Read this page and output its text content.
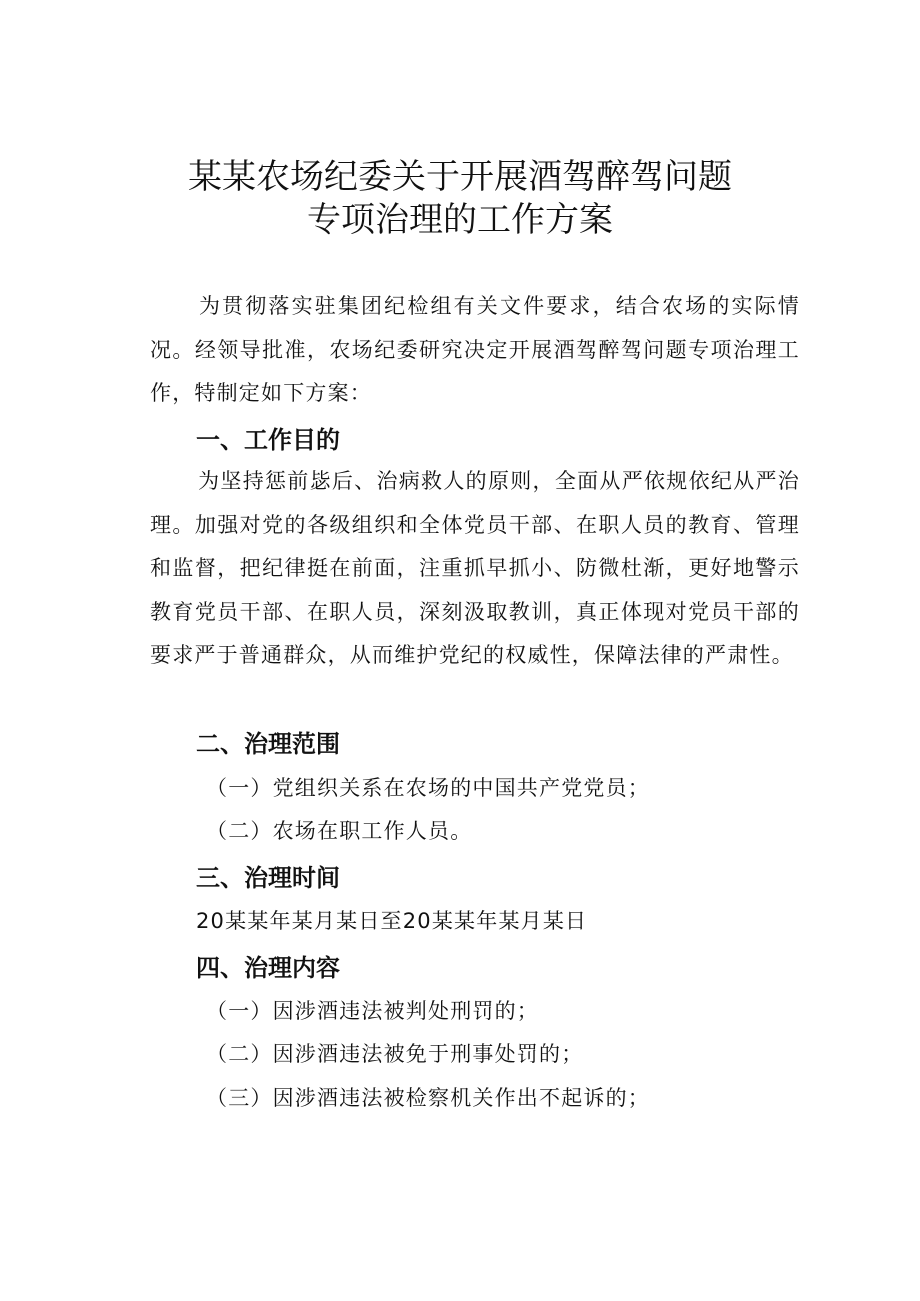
某某农场纪委关于开展酒驾醉驾问题
专项治理的工作方案
为贯彻落实驻集团纪检组有关文件要求，结合农场的实际情况。经领导批准，农场纪委研究决定开展酒驾醉驾问题专项治理工作，特制定如下方案：
一、工作目的
为坚持惩前毖后、治病救人的原则，全面从严依规依纪从严治理。加强对党的各级组织和全体党员干部、在职人员的教育、管理和监督，把纪律挺在前面，注重抓早抓小、防微杜渐，更好地警示教育党员干部、在职人员，深刻汲取教训，真正体现对党员干部的要求严于普通群众，从而维护党纪的权威性，保障法律的严肃性。
二、治理范围
（一）党组织关系在农场的中国共产党党员；
（二）农场在职工作人员。
三、治理时间
20某某年某月某日至20某某年某月某日
四、治理内容
（一）因涉酒违法被判处刑罚的；
（二）因涉酒违法被免于刑事处罚的；
（三）因涉酒违法被检察机关作出不起诉的；
